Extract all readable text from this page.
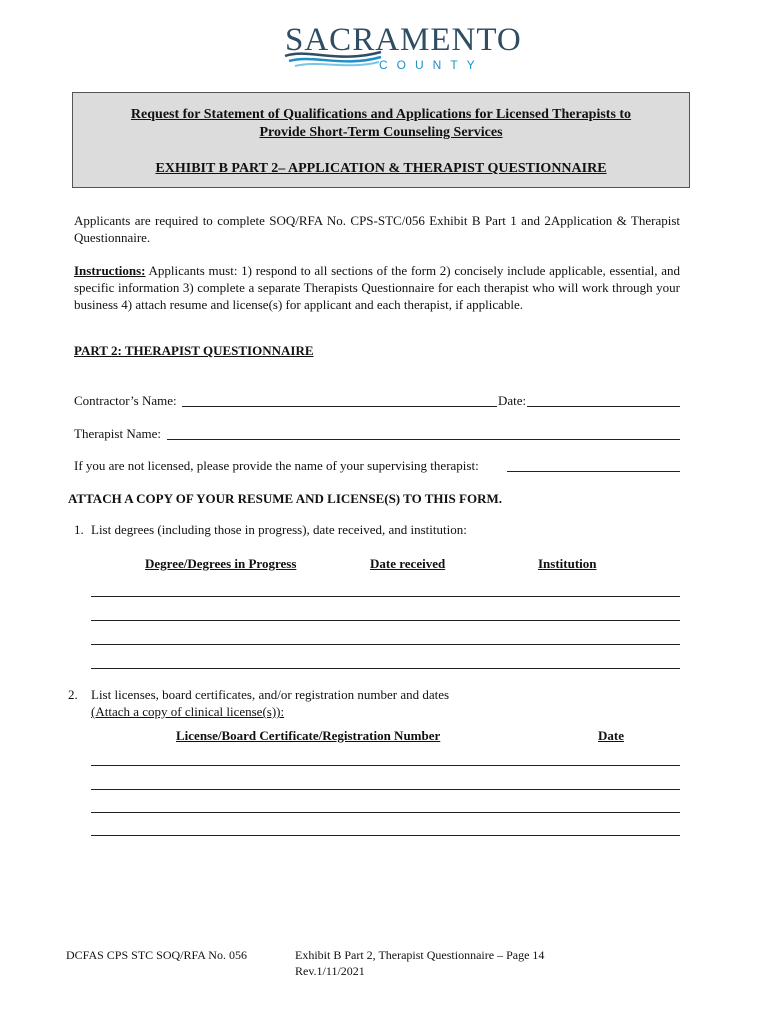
SACRAMENTO
COUNTY
Request for Statement of Qualifications and Applications for Licensed Therapists to
Provide Short-Term Counseling Services
EXHIBIT B PART 2– APPLICATION & THERAPIST QUESTIONNAIRE
Applicants are required to complete SOQ/RFA No. CPS-STC/056 Exhibit B Part 1 and 2Application & Therapist Questionnaire.
Instructions: Applicants must: 1) respond to all sections of the form 2) concisely include applicable, essential, and specific information 3) complete a separate Therapists Questionnaire for each therapist who will work through your business 4) attach resume and license(s) for applicant and each therapist, if applicable.
PART 2: THERAPIST QUESTIONNAIRE
Contractor’s Name:	Date:
Therapist Name:
If you are not licensed, please provide the name of your supervising therapist:
ATTACH A COPY OF YOUR RESUME AND LICENSE(S) TO THIS FORM.
1. List degrees (including those in progress), date received, and institution:
Degree/Degrees in Progress	Date received	Institution
2. List licenses, board certificates, and/or registration number and dates
(Attach a copy of clinical license(s)):
License/Board Certificate/Registration Number	Date
DCFAS CPS STC SOQ/RFA No. 056	Exhibit B Part 2, Therapist Questionnaire – Page 14
Rev.1/11/2021
